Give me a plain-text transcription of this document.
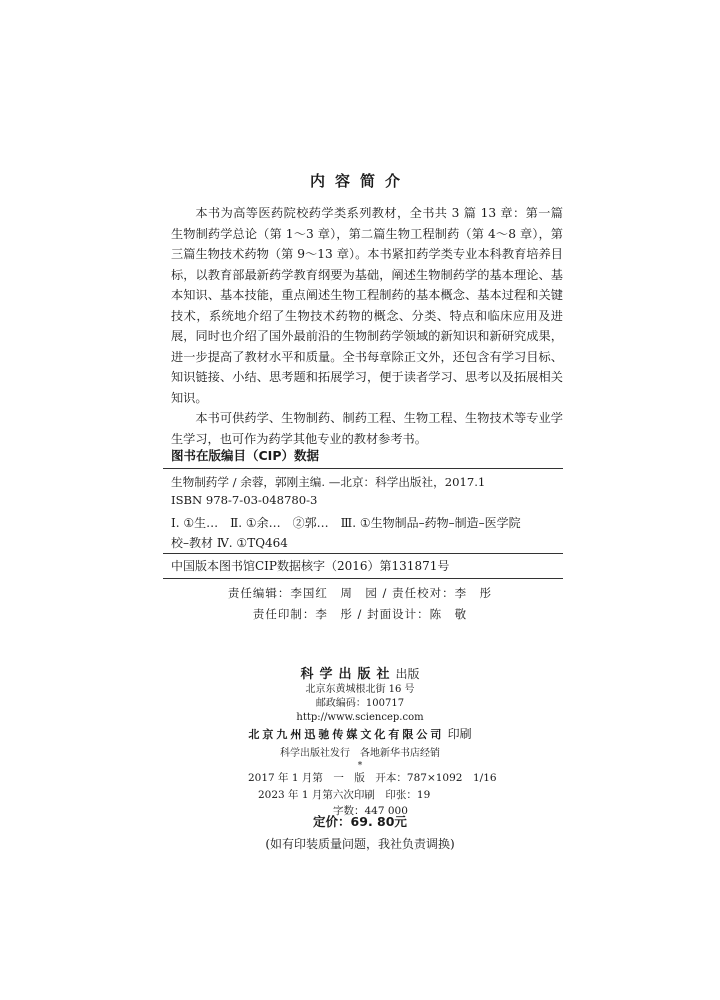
内容简介

本书为高等医药院校药学类系列教材，全书共 3 篇 13 章：第一篇生物制药学总论（第 1～3 章），第二篇生物工程制药（第 4～8 章），第三篇生物技术药物（第 9～13 章）。本书紧扣药学类专业本科教育培养目标，以教育部最新药学教育纲要为基础，阐述生物制药学的基本理论、基本知识、基本技能，重点阐述生物工程制药的基本概念、基本过程和关键技术，系统地介绍了生物技术药物的概念、分类、特点和临床应用及进展，同时也介绍了国外最前沿的生物制药学领域的新知识和新研究成果，进一步提高了教材水平和质量。全书每章除正文外，还包含有学习目标、知识链接、小结、思考题和拓展学习，便于读者学习、思考以及拓展相关知识。

本书可供药学、生物制药、制药工程、生物工程、生物技术等专业学生学习，也可作为药学其他专业的教材参考书。

图书在版编目（CIP）数据
生物制药学 / 余蓉，郭刚主编. —北京：科学出版社，2017.1
ISBN 978-7-03-048780-3
Ⅰ. ①生…　Ⅱ. ①余…　②郭…　Ⅲ. ①生物制品–药物–制造–医学院
校–教材 Ⅳ. ①TQ464
中国版本图书馆CIP数据核字（2016）第131871号
责任编辑：李国红　周　园 / 责任校对：李　彤
责任印制：李　彤 / 封面设计：陈　敬
科学出版社出版
北京东黄城根北街 16 号
邮政编码：100717
http://www.sciencep.com
北京九州迅驰传媒文化有限公司 印刷
科学出版社发行　各地新华书店经销
*
2017 年 1 月第　一　版　开本：787×1092　1/16
2023 年 1 月第六次印刷　印张：19
字数：447 000
定价：69. 80元
(如有印装质量问题，我社负责调换)
